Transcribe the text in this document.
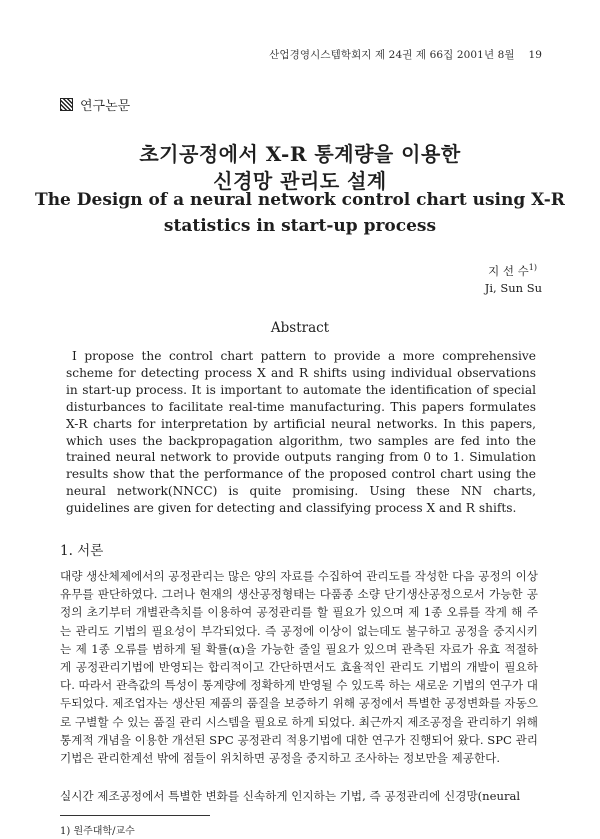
산업경영시스템학회지 제 24권 제 66집 2001년 8월 19
연구논문
초기공정에서 X-R 통계량을 이용한
신경망 관리도 설계
The Design of a neural network control chart using X-R
statistics in start-up process
지 선 수$^{1)}$
Ji, Sun Su
Abstract

I propose the control chart pattern to provide a more comprehensive scheme for detecting process X and R shifts using individual observations in start-up process. It is important to automate the identification of special disturbances to facilitate real-time manufacturing. This papers formulates X-R charts for interpretation by artificial neural networks. In this papers, which uses the backpropagation algorithm, two samples are fed into the trained neural network to provide outputs ranging from 0 to 1. Simulation results show that the performance of the proposed control chart using the neural network(NNCC) is quite promising. Using these NN charts, guidelines are given for detecting and classifying process X and R shifts.

1. 서론

대량 생산체제에서의 공정관리는 많은 양의 자료를 수집하여 관리도를 작성한 다음 공정의 이상유무를 판단하였다. 그러나 현재의 생산공정형태는 다품종 소량 단기생산공정으로서 가능한 공정의 초기부터 개별관측치를 이용하여 공정관리를 할 필요가 있으며 제 1종 오류를 작게 해 주는 관리도 기법의 필요성이 부각되었다. 즉 공정에 이상이 없는데도 불구하고 공정을 중지시키는 제 1종 오류를 범하게 될 확률(α)을 가능한 줄일 필요가 있으며 관측된 자료가 유효 적절하게 공정관리기법에 반영되는 합리적이고 간단하면서도 효율적인 관리도 기법의 개발이 필요하다. 따라서 관측값의 특성이 통계량에 정확하게 반영될 수 있도록 하는 새로운 기법의 연구가 대두되었다. 제조업자는 생산된 제품의 품질을 보증하기 위해 공정에서 특별한 공정변화를 자동으로 구별할 수 있는 품질 관리 시스템을 필요로 하게 되었다. 최근까지 제조공정을 관리하기 위해 통계적 개념을 이용한 개선된 SPC 공정관리 적용기법에 대한 연구가 진행되어 왔다. SPC 관리기법은 관리한계선 밖에 점들이 위치하면 공정을 중지하고 조사하는 정보만을 제공한다.

실시간 제조공정에서 특별한 변화를 신속하게 인지하는 기법, 즉 공정관리에 신경망(neural

1) 원주대학/교수
